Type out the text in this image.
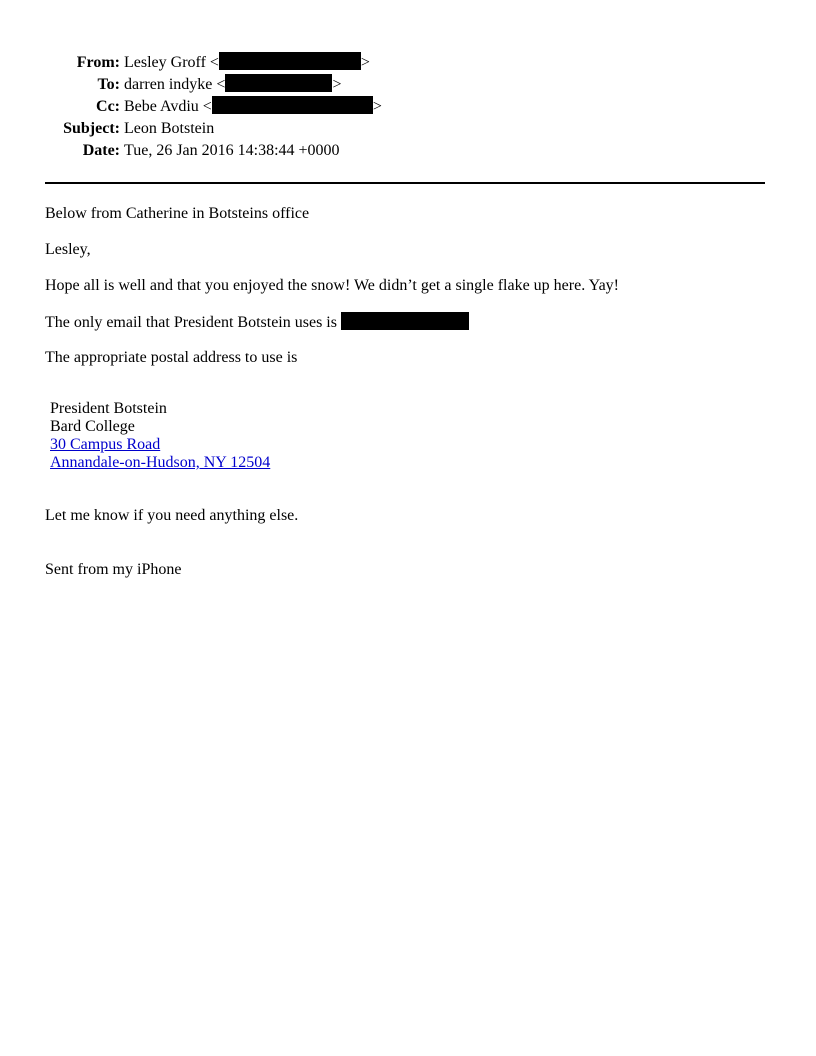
From: Lesley Groff <	>
To: darren indyke <	>
Cc: Bebe Avdiu <	>
Subject: Leon Botstein
Date: Tue, 26 Jan 2016 14:38:44 +0000

Below from Catherine in Botsteins office

Lesley,

Hope all is well and that you enjoyed the snow! We didn’t get a single flake up here. Yay!

The only email that President Botstein uses is

The appropriate postal address to use is

President Botstein
Bard College
30 Campus Road
Annandale-on-Hudson, NY 12504

Let me know if you need anything else.

Sent from my iPhone
